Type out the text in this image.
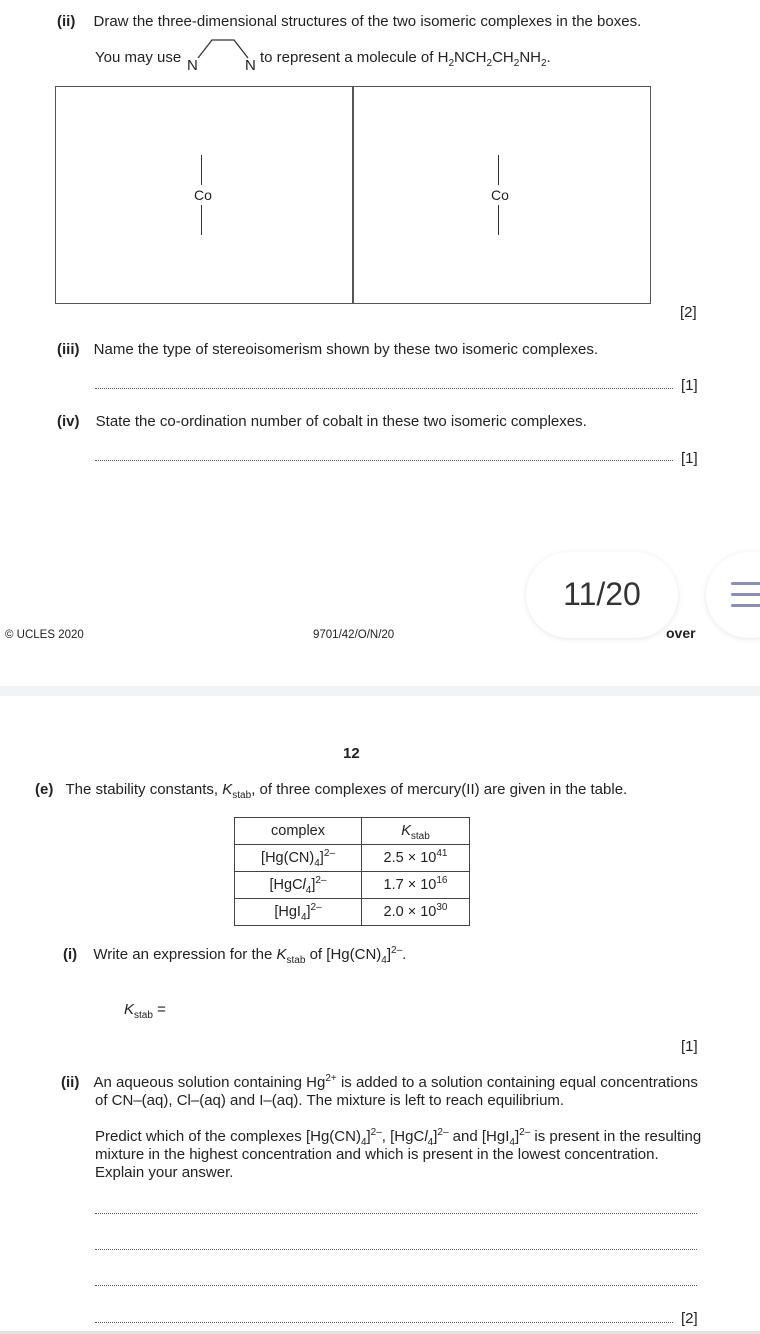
(ii) Draw the three-dimensional structures of the two isomeric complexes in the boxes.
You may use N	N to represent a molecule of $H_2NCH_2CH_2NH_2$.
Co	Co
[2]
(iii) Name the type of stereoisomerism shown by these two isomeric complexes.
[1]
(iv) State the co-ordination number of cobalt in these two isomeric complexes.
[1]
© UCLES 2020	9701/42/O/N/20	over
11/20
12
(e) The stability constants, $K_{stab}$, of three complexes of mercury(II) are given in the table.
complex	$K_{stab}$
$[Hg(CN)_4]^{2-}$	$2.5 \times 10^{41}$
[HgCl$_4$]$^{2-}$	$1.7 \times 10^{16}$
$[HgI_4]^{2-}$	$2.0 \times 10^{30}$
(i) Write an expression for the $K_{stab}$ of $[Hg(CN)_4]^{2-}$.
$K_{stab}$ =
[1]
(ii) An aqueous solution containing $Hg^{2+}$ is added to a solution containing equal concentrations
of CN–(aq), Cl–(aq) and I–(aq). The mixture is left to reach equilibrium.
Predict which of the complexes $[Hg(CN)_4]^{2-}$, [HgCl$_4$]$^{2-}$ and $[HgI_4]^{2-}$ is present in the resulting
mixture in the highest concentration and which is present in the lowest concentration.
Explain your answer.
[2]
